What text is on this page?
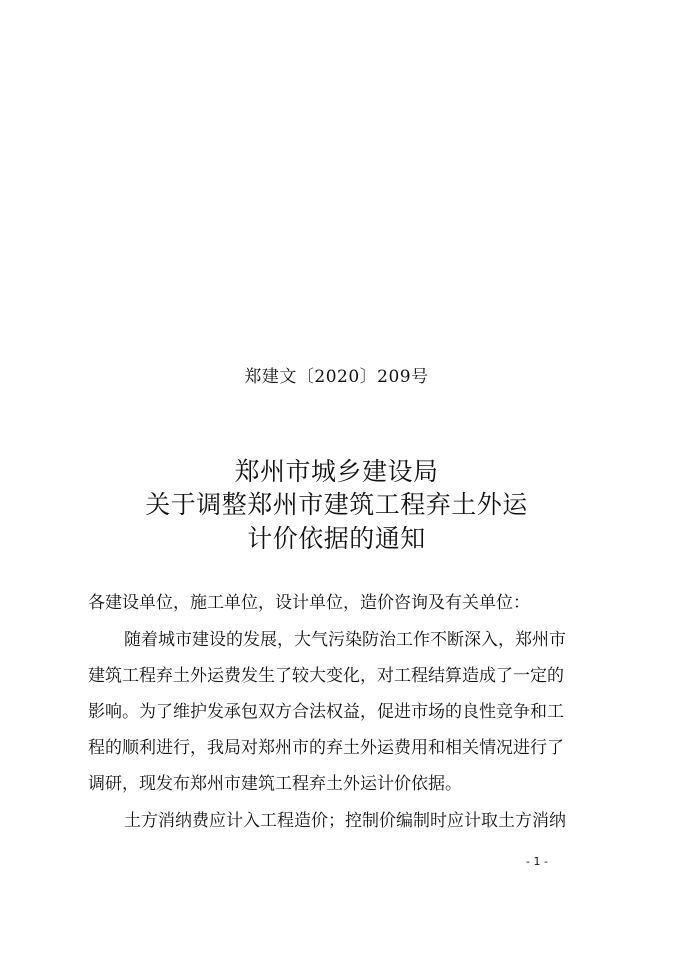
郑建文〔2020〕209号
郑州市城乡建设局
关于调整郑州市建筑工程弃土外运
计价依据的通知
各建设单位，施工单位，设计单位，造价咨询及有关单位：
随着城市建设的发展，大气污染防治工作不断深入，郑州市
建筑工程弃土外运费发生了较大变化，对工程结算造成了一定的
影响。为了维护发承包双方合法权益，促进市场的良性竞争和工
程的顺利进行，我局对郑州市的弃土外运费用和相关情况进行了
调研，现发布郑州市建筑工程弃土外运计价依据。
土方消纳费应计入工程造价；控制价编制时应计取土方消纳
- 1 -
